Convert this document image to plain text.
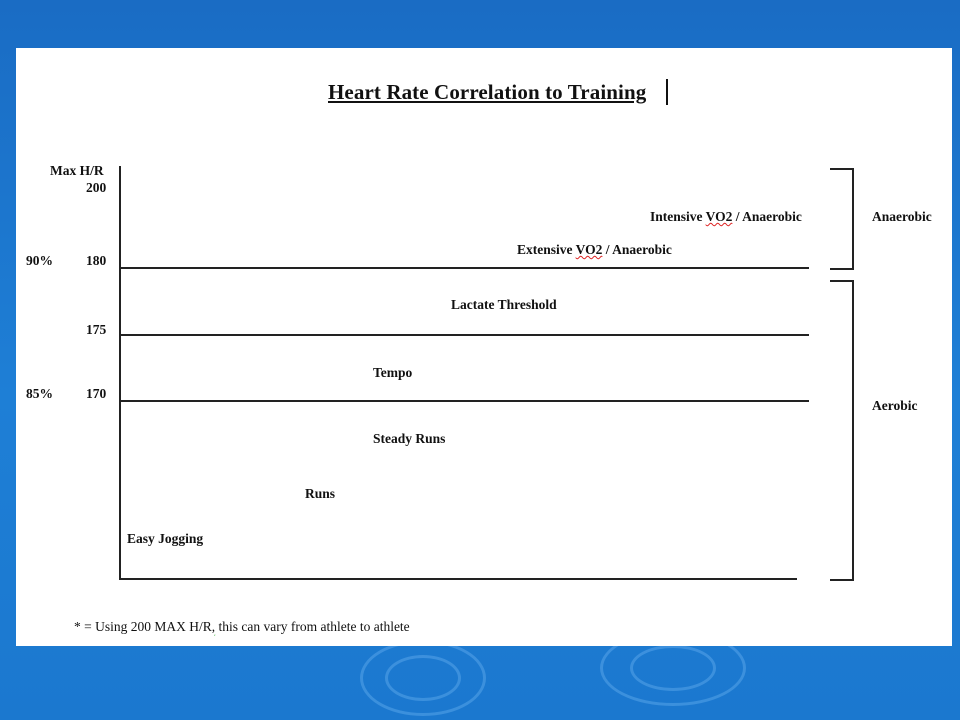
Heart Rate Correlation to Training
Max H/R
200
90% 180
175
85% 170
Intensive VO2 / Anaerobic
Extensive VO2 / Anaerobic
Lactate Threshold
Tempo
Steady Runs
Runs
Easy Jogging
Anaerobic
Aerobic
* = Using 200 MAX H/R, this can vary from athlete to athlete
